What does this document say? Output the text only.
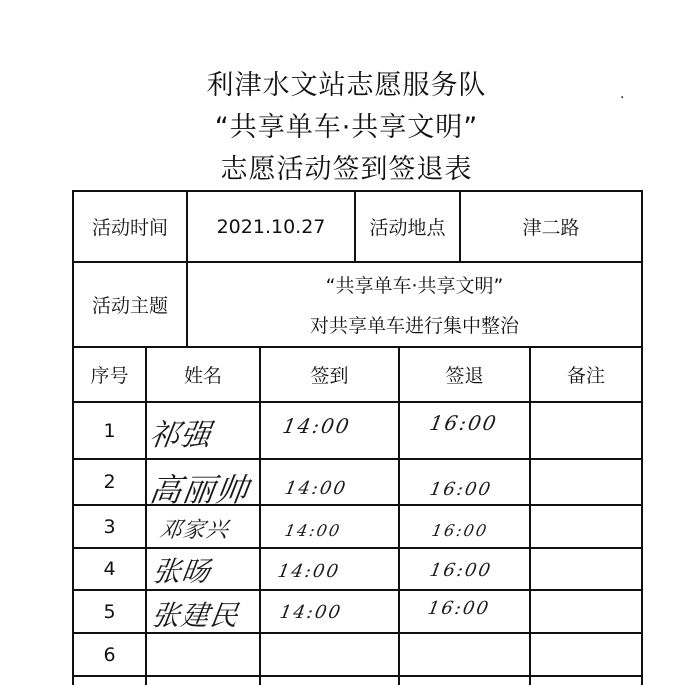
利津水文站志愿服务队
“共享单车·共享文明”
志愿活动签到签退表
.
活动时间	2021.10.27	活动地点	津二路
活动主题
“共享单车·共享文明”
对共享单车进行集中整治
序号	姓名	签到	签退	备注
1	祁强	14:00	16:00
2 高丽帅 14:00	16:00
3	邓家兴	14:00	16:00
4	张旸	14:00	16:00
5	张建民 14:00	16:00
6
